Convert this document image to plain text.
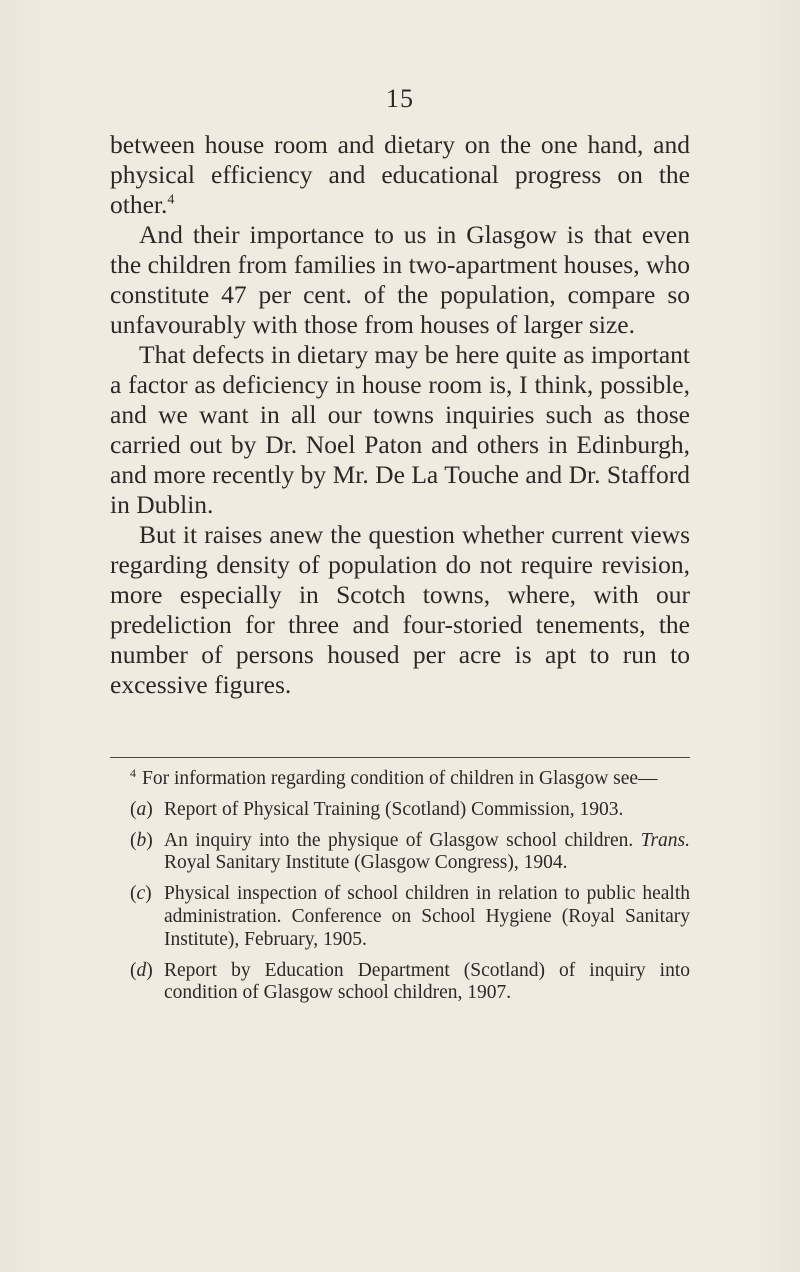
15

between house room and dietary on the one hand, and physical efficiency and educational progress on the other.$^4$

And their importance to us in Glasgow is that even the children from families in two-apartment houses, who constitute 47 per cent. of the population, compare so unfavourably with those from houses of larger size.

That defects in dietary may be here quite as important a factor as deficiency in house room is, I think, possible, and we want in all our towns inquiries such as those carried out by Dr. Noel Paton and others in Edinburgh, and more recently by Mr. De La Touche and Dr. Stafford in Dublin.

But it raises anew the question whether current views regarding density of population do not require revision, more especially in Scotch towns, where, with our predeliction for three and four-storied tenements, the number of persons housed per acre is apt to run to excessive figures.

$^4$ For information regarding condition of children in Glasgow see—

(a) Report of Physical Training (Scotland) Commission, 1903.
(b) An inquiry into the physique of Glasgow school children. Trans. Royal Sanitary Institute (Glasgow Congress), 1904.
(c) Physical inspection of school children in relation to public health administration. Conference on School Hygiene (Royal Sanitary Institute), February, 1905.
(d) Report by Education Department (Scotland) of inquiry into condition of Glasgow school children, 1907.
